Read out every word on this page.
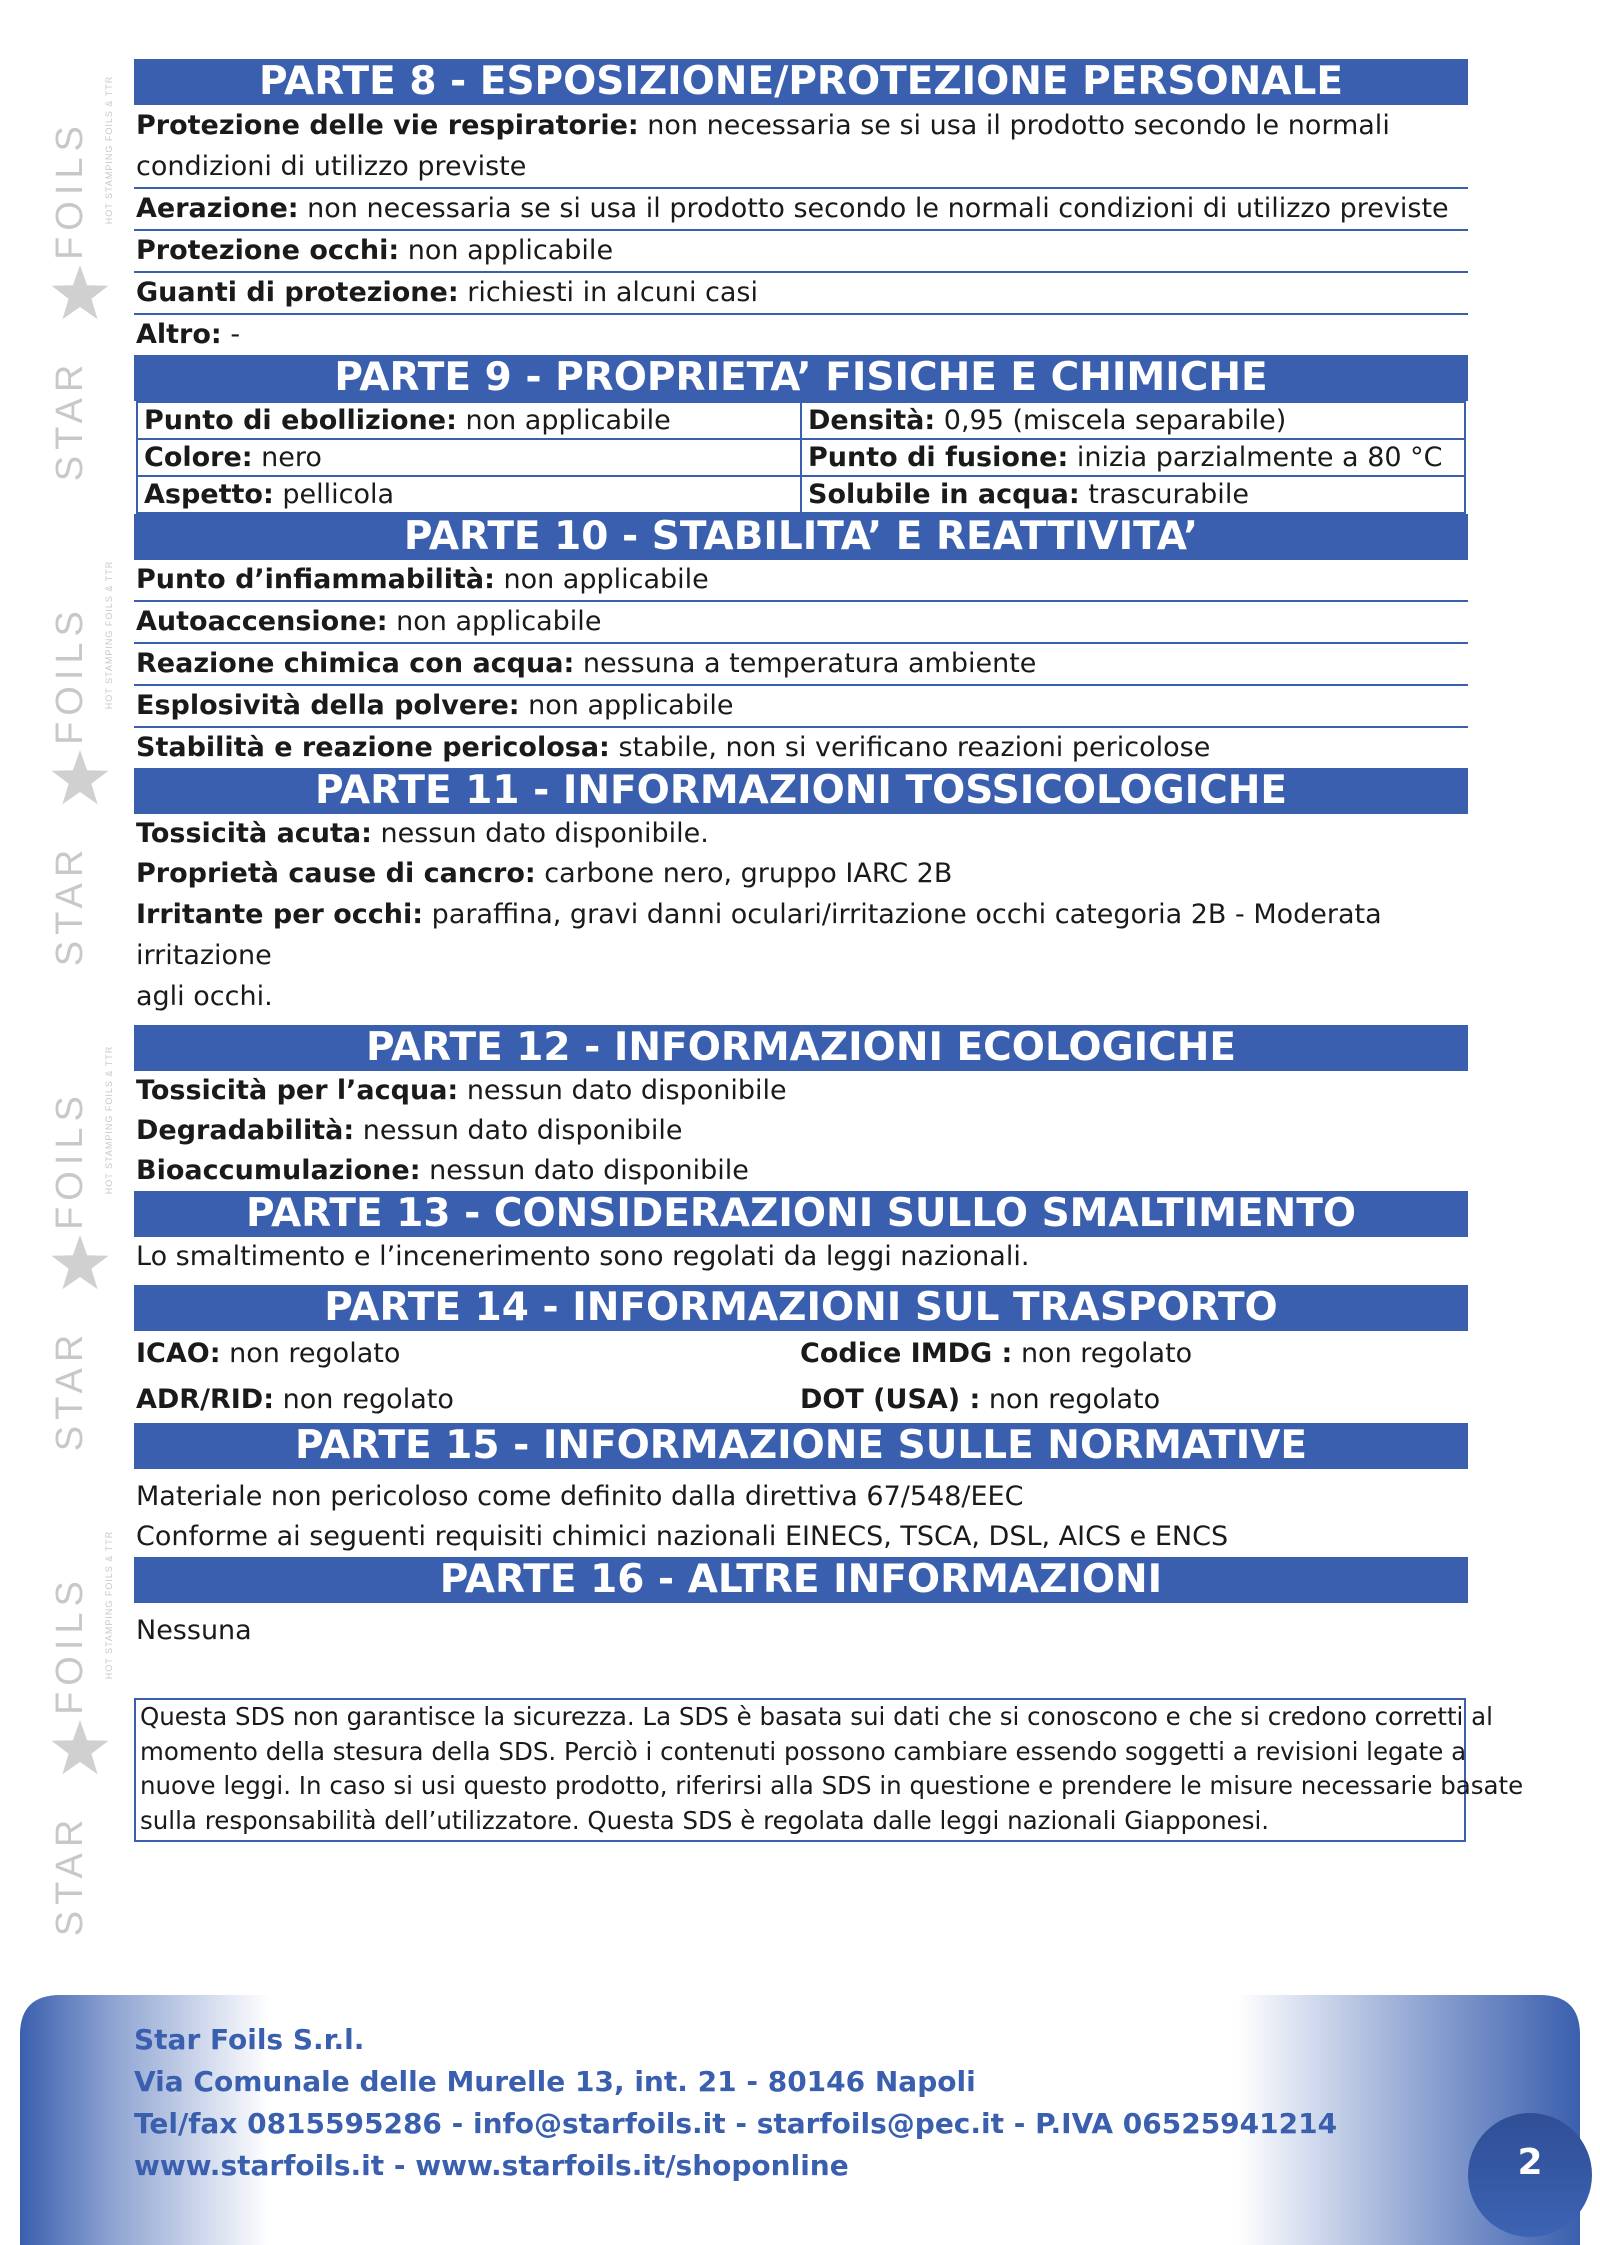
FOILS HOT STAMPING FOILS & TTR
STAR
FOILS HOT STAMPING FOILS & TTR
STAR
FOILS HOT STAMPING FOILS & TTR
STAR
FOILS HOT STAMPING FOILS & TTR
STAR
PARTE 8 - ESPOSIZIONE/PROTEZIONE PERSONALE
Protezione delle vie respiratorie: non necessaria se si usa il prodotto secondo le normali
condizioni di utilizzo previste
Aerazione: non necessaria se si usa il prodotto secondo le normali condizioni di utilizzo previste
Protezione occhi: non applicabile
Guanti di protezione: richiesti in alcuni casi
Altro: -
PARTE 9 - PROPRIETA’ FISICHE E CHIMICHE
Punto di ebollizione: non applicabile	Densità: 0,95 (miscela separabile)
Colore: nero	Punto di fusione: inizia parzialmente a 80 °C
Aspetto: pellicola	Solubile in acqua: trascurabile
PARTE 10 - STABILITA’ E REATTIVITA’
Punto d’infiammabilità: non applicabile
Autoaccensione: non applicabile
Reazione chimica con acqua: nessuna a temperatura ambiente
Esplosività della polvere: non applicabile
Stabilità e reazione pericolosa: stabile, non si verificano reazioni pericolose
PARTE 11 - INFORMAZIONI TOSSICOLOGICHE
Tossicità acuta: nessun dato disponibile.
Proprietà cause di cancro: carbone nero, gruppo IARC 2B
Irritante per occhi: paraffina, gravi danni oculari/irritazione occhi categoria 2B - Moderata irritazione
agli occhi.
PARTE 12 - INFORMAZIONI ECOLOGICHE
Tossicità per l’acqua: nessun dato disponibile
Degradabilità: nessun dato disponibile
Bioaccumulazione: nessun dato disponibile
PARTE 13 - CONSIDERAZIONI SULLO SMALTIMENTO
Lo smaltimento e l’incenerimento sono regolati da leggi nazionali.
PARTE 14 - INFORMAZIONI SUL TRASPORTO
ICAO: non regolato	Codice IMDG : non regolato
ADR/RID: non regolato	DOT (USA) : non regolato
PARTE 15 - INFORMAZIONE SULLE NORMATIVE
Materiale non pericoloso come definito dalla direttiva 67/548/EEC
Conforme ai seguenti requisiti chimici nazionali EINECS, TSCA, DSL, AICS e ENCS
PARTE 16 - ALTRE INFORMAZIONI
Nessuna
Questa SDS non garantisce la sicurezza. La SDS è basata sui dati che si conoscono e che si credono corretti al
momento della stesura della SDS. Perciò i contenuti possono cambiare essendo soggetti a revisioni legate a
nuove leggi. In caso si usi questo prodotto, riferirsi alla SDS in questione e prendere le misure necessarie basate
sulla responsabilità dell’utilizzatore. Questa SDS è regolata dalle leggi nazionali Giapponesi.
Star Foils S.r.l.
Via Comunale delle Murelle 13, int. 21 - 80146 Napoli
Tel/fax 0815595286 - info@starfoils.it - starfoils@pec.it - P.IVA 06525941214
www.starfoils.it - www.starfoils.it/shoponline	2
